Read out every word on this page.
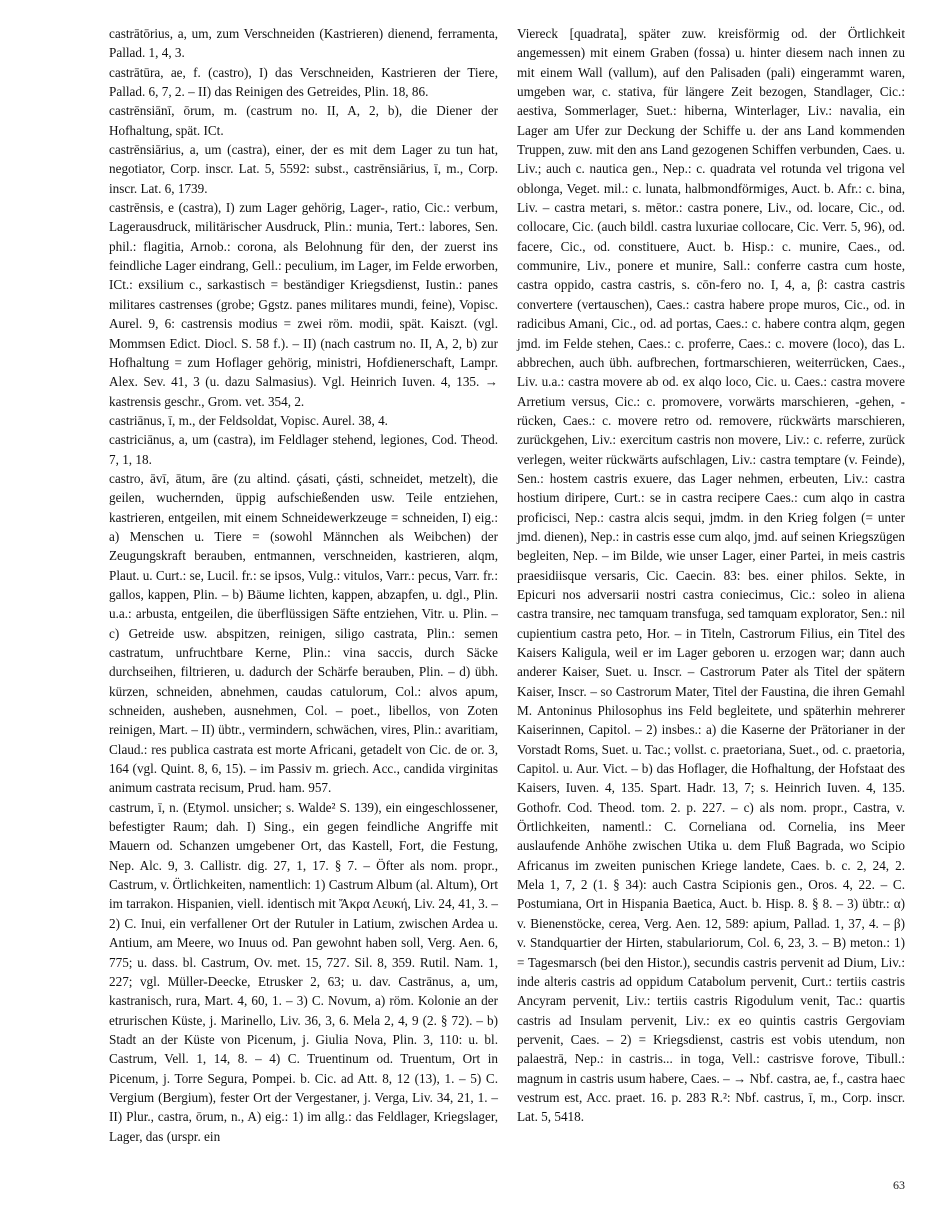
castrātōrius, a, um, zum Verschneiden (Kastrieren) dienend, ferramenta, Pallad. 1, 4, 3.

castrātūra, ae, f. (castro), I) das Verschneiden, Kastrieren der Tiere, Pallad. 6, 7, 2. – II) das Reinigen des Getreides, Plin. 18, 86.

castrēnsiānī, ōrum, m. (castrum no. II, A, 2, b), die Diener der Hofhaltung, spät. ICt.

castrēnsiārius, a, um (castra), einer, der es mit dem Lager zu tun hat, negotiator, Corp. inscr. Lat. 5, 5592: subst., castrēnsiārius, ī, m., Corp. inscr. Lat. 6, 1739.

castrēnsis, e (castra), I) zum Lager gehörig, Lager-, ratio, Cic.: verbum, Lagerausdruck, militärischer Ausdruck, Plin.: munia, Tert.: labores, Sen. phil.: flagitia, Arnob.: corona, als Belohnung für den, der zuerst ins feindliche Lager eindrang, Gell.: peculium, im Lager, im Felde erworben, ICt.: exsilium c., sarkastisch = beständiger Kriegsdienst, Iustin.: panes militares castrenses (grobe; Ggstz. panes militares mundi, feine), Vopisc. Aurel. 9, 6: castrensis modius = zwei röm. modii, spät. Kaiszt. (vgl. Mommsen Edict. Diocl. S. 58 f.). – II) (nach castrum no. II, A, 2, b) zur Hofhaltung = zum Hoflager gehörig, ministri, Hofdienerschaft, Lampr. Alex. Sev. 41, 3 (u. dazu Salmasius). Vgl. Heinrich Iuven. 4, 135. → kastrensis geschr., Grom. vet. 354, 2.

castriānus, ī, m., der Feldsoldat, Vopisc. Aurel. 38, 4.

castriciānus, a, um (castra), im Feldlager stehend, legiones, Cod. Theod. 7, 1, 18.

castro, āvī, ātum, āre (zu altind. çásati, çásti, schneidet, metzelt), die geilen, wuchernden, üppig aufschießenden usw. Teile entziehen, kastrieren, entgeilen, mit einem Schneidewerkzeuge = schneiden, I) eig.: a) Menschen u. Tiere = (sowohl Männchen als Weibchen) der Zeugungskraft berauben, entmannen, verschneiden, kastrieren, alqm, Plaut. u. Curt.: se, Lucil. fr.: se ipsos, Vulg.: vitulos, Varr.: pecus, Varr. fr.: gallos, kappen, Plin. – b) Bäume lichten, kappen, abzapfen, u. dgl., Plin. u.a.: arbusta, entgeilen, die überflüssigen Säfte entziehen, Vitr. u. Plin. – c) Getreide usw. abspitzen, reinigen, siligo castrata, Plin.: semen castratum, unfruchtbare Kerne, Plin.: vina saccis, durch Säcke durchseihen, filtrieren, u. dadurch der Schärfe berauben, Plin. – d) übh. kürzen, schneiden, abnehmen, caudas catulorum, Col.: alvos apum, schneiden, ausheben, ausnehmen, Col. – poet., libellos, von Zoten reinigen, Mart. – II) übtr., vermindern, schwächen, vires, Plin.: avaritiam, Claud.: res publica castrata est morte Africani, getadelt von Cic. de or. 3, 164 (vgl. Quint. 8, 6, 15). – im Passiv m. griech. Acc., candida virginitas animum castrata recisum, Prud. ham. 957.

castrum, ī, n. (Etymol. unsicher; s. Walde² S. 139), ein eingeschlossener, befestigter Raum; dah. I) Sing., ein gegen feindliche Angriffe mit Mauern od. Schanzen umgebener Ort, das Kastell, Fort, die Festung, Nep. Alc. 9, 3. Callistr. dig. 27, 1, 17. § 7. – Öfter als nom. propr., Castrum, v. Örtlichkeiten, namentlich: 1) Castrum Album (al. Altum), Ort im tarrakon. Hispanien, viell. identisch mit Ἄκρα Λευκή, Liv. 24, 41, 3. – 2) C. Inui, ein verfallener Ort der Rutuler in Latium, zwischen Ardea u. Antium, am Meere, wo Inuus od. Pan gewohnt haben soll, Verg. Aen. 6, 775; u. dass. bl. Castrum, Ov. met. 15, 727. Sil. 8, 359. Rutil. Nam. 1, 227; vgl. Müller-Deecke, Etrusker 2, 63; u. dav. Castrānus, a, um, kastranisch, rura, Mart. 4, 60, 1. – 3) C. Novum, a) röm. Kolonie an der etrurischen Küste, j. Marinello, Liv. 36, 3, 6. Mela 2, 4, 9 (2. § 72). – b) Stadt an der Küste von Picenum, j. Giulia Nova, Plin. 3, 110: u. bl. Castrum, Vell. 1, 14, 8. – 4) C. Truentinum od. Truentum, Ort in Picenum, j. Torre Segura, Pompei. b. Cic. ad Att. 8, 12 (13), 1. – 5) C. Vergium (Bergium), fester Ort der Vergestaner, j. Verga, Liv. 34, 21, 1. – II) Plur., castra, ōrum, n., A) eig.: 1) im allg.: das Feldlager, Kriegslager, Lager, das (urspr. ein

Viereck [quadrata], später zuw. kreisförmig od. der Örtlichkeit angemessen) mit einem Graben (fossa) u. hinter diesem nach innen zu mit einem Wall (vallum), auf den Palisaden (pali) eingerammt waren, umgeben war, c. stativa, für längere Zeit bezogen, Standlager, Cic.: aestiva, Sommerlager, Suet.: hiberna, Winterlager, Liv.: navalia, ein Lager am Ufer zur Deckung der Schiffe u. der ans Land kommenden Truppen, zuw. mit den ans Land gezogenen Schiffen verbunden, Caes. u. Liv.; auch c. nautica gen., Nep.: c. quadrata vel rotunda vel trigona vel oblonga, Veget. mil.: c. lunata, halbmondförmiges, Auct. b. Afr.: c. bina, Liv. – castra metari, s. mētor.: castra ponere, Liv., od. locare, Cic., od. collocare, Cic. (auch bildl. castra luxuriae collocare, Cic. Verr. 5, 96), od. facere, Cic., od. constituere, Auct. b. Hisp.: c. munire, Caes., od. communire, Liv., ponere et munire, Sall.: conferre castra cum hoste, castra oppido, castra castris, s. cōn-fero no. I, 4, a, β: castra castris convertere (vertauschen), Caes.: castra habere prope muros, Cic., od. in radicibus Amani, Cic., od. ad portas, Caes.: c. habere contra alqm, gegen jmd. im Felde stehen, Caes.: c. proferre, Caes.: c. movere (loco), das L. abbrechen, auch übh. aufbrechen, fortmarschieren, weiterrücken, Caes., Liv. u.a.: castra movere ab od. ex alqo loco, Cic. u. Caes.: castra movere Arretium versus, Cic.: c. promovere, vorwärts marschieren, -gehen, -rücken, Caes.: c. movere retro od. removere, rückwärts marschieren, zurückgehen, Liv.: exercitum castris non movere, Liv.: c. referre, zurück verlegen, weiter rückwärts aufschlagen, Liv.: castra temptare (v. Feinde), Sen.: hostem castris exuere, das Lager nehmen, erbeuten, Liv.: castra hostium diripere, Curt.: se in castra recipere Caes.: cum alqo in castra proficisci, Nep.: castra alcis sequi, jmdm. in den Krieg folgen (= unter jmd. dienen), Nep.: in castris esse cum alqo, jmd. auf seinen Kriegszügen begleiten, Nep. – im Bilde, wie unser Lager, einer Partei, in meis castris praesidiisque versaris, Cic. Caecin. 83: bes. einer philos. Sekte, in Epicuri nos adversarii nostri castra coniecimus, Cic.: soleo in aliena castra transire, nec tamquam transfuga, sed tamquam explorator, Sen.: nil cupientium castra peto, Hor. – in Titeln, Castrorum Filius, ein Titel des Kaisers Kaligula, weil er im Lager geboren u. erzogen war; dann auch anderer Kaiser, Suet. u. Inscr. – Castrorum Pater als Titel der spätern Kaiser, Inscr. – so Castrorum Mater, Titel der Faustina, die ihren Gemahl M. Antoninus Philosophus ins Feld begleitete, und späterhin mehrerer Kaiserinnen, Capitol. – 2) insbes.: a) die Kaserne der Prätorianer in der Vorstadt Roms, Suet. u. Tac.; vollst. c. praetoriana, Suet., od. c. praetoria, Capitol. u. Aur. Vict. – b) das Hoflager, die Hofhaltung, der Hofstaat des Kaisers, Iuven. 4, 135. Spart. Hadr. 13, 7; s. Heinrich Iuven. 4, 135. Gothofr. Cod. Theod. tom. 2. p. 227. – c) als nom. propr., Castra, v. Örtlichkeiten, namentl.: C. Corneliana od. Cornelia, ins Meer auslaufende Anhöhe zwischen Utika u. dem Fluß Bagrada, wo Scipio Africanus im zweiten punischen Kriege landete, Caes. b. c. 2, 24, 2. Mela 1, 7, 2 (1. § 34): auch Castra Scipionis gen., Oros. 4, 22. – C. Postumiana, Ort in Hispania Baetica, Auct. b. Hisp. 8. § 8. – 3) übtr.: α) v. Bienenstöcke, cerea, Verg. Aen. 12, 589: apium, Pallad. 1, 37, 4. – β) v. Standquartier der Hirten, stabulariorum, Col. 6, 23, 3. – B) meton.: 1) = Tagesmarsch (bei den Histor.), secundis castris pervenit ad Dium, Liv.: inde alteris castris ad oppidum Catabolum pervenit, Curt.: tertiis castris Ancyram pervenit, Liv.: tertiis castris Rigodulum venit, Tac.: quartis castris ad Insulam pervenit, Liv.: ex eo quintis castris Gergoviam pervenit, Caes. – 2) = Kriegsdienst, castris est vobis utendum, non palaestrā, Nep.: in castris... in toga, Vell.: castrisve forove, Tibull.: magnum in castris usum habere, Caes. – → Nbf. castra, ae, f., castra haec vestrum est, Acc. praet. 16. p. 283 R.²: Nbf. castrus, ī, m., Corp. inscr. Lat. 5, 5418.

63
